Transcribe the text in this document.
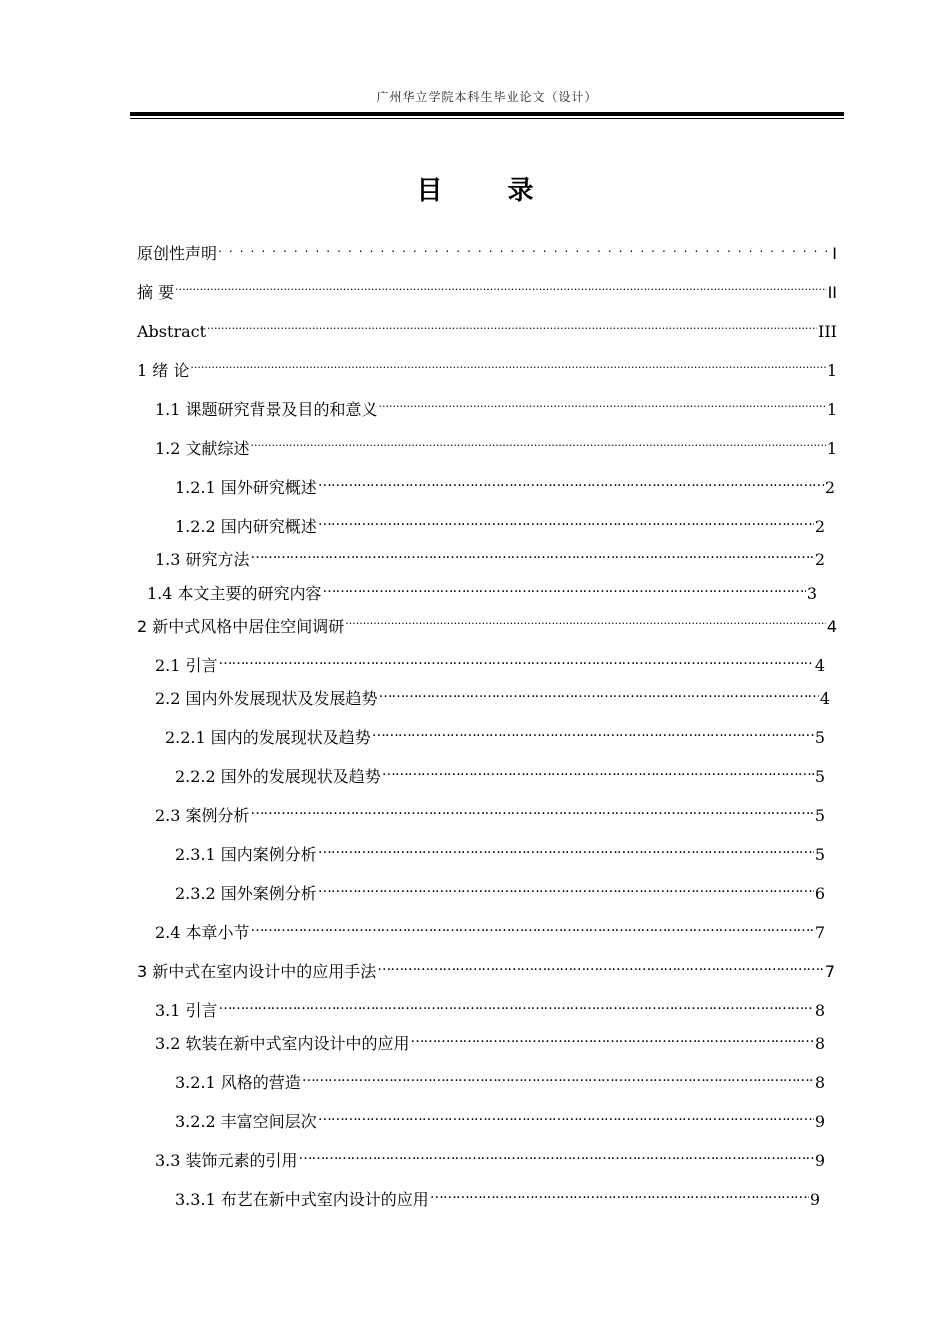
广州华立学院本科生毕业论文（设计）
目 录
原创性声明 . . .	I
摘 要 .....	II
Abstract .....	III
1 绪 论 .....	1
1.1 课题研究背景及目的和意义 .....	1
1.2 文献综述 .....	1
1.2.1 国外研究概述 …………………………………………………………………………………………………………………………………………………………………………………………………………………………	2
1.2.2 国内研究概述 …………………………………………………………………………………………………………………………………………………………………………………………………………………………	2
1.3 研究方法 …………………………………………………………………………………………………………………………………………………………………………………………………………………………	2
1.4 本文主要的研究内容 …………………………………………………………………………………………………………………………………………………………………………………………………………………………	3
2 新中式风格中居住空间调研 .....	4
2.1 引言 …………………………………………………………………………………………………………………………………………………………………………………………………………………………	4
2.2 国内外发展现状及发展趋势 …………………………………………………………………………………………………………………………………………………………………………………………………………………………	4
2.2.1 国内的发展现状及趋势 …………………………………………………………………………………………………………………………………………………………………………………………………………………………	5
2.2.2 国外的发展现状及趋势 …………………………………………………………………………………………………………………………………………………………………………………………………………………………	5
2.3 案例分析 …………………………………………………………………………………………………………………………………………………………………………………………………………………………	5
2.3.1 国内案例分析 …………………………………………………………………………………………………………………………………………………………………………………………………………………………	5
2.3.2 国外案例分析 …………………………………………………………………………………………………………………………………………………………………………………………………………………………	6
2.4 本章小节 …………………………………………………………………………………………………………………………………………………………………………………………………………………………	7
3 新中式在室内设计中的应用手法 …………………………………………………………………………………………………………………………………………………………………………………………………………………………	7
3.1 引言 …………………………………………………………………………………………………………………………………………………………………………………………………………………………	8
3.2 软装在新中式室内设计中的应用 …………………………………………………………………………………………………………………………………………………………………………………………………………………………	8
3.2.1 风格的营造 …………………………………………………………………………………………………………………………………………………………………………………………………………………………	8
3.2.2 丰富空间层次 …………………………………………………………………………………………………………………………………………………………………………………………………………………………	9
3.3 装饰元素的引用 …………………………………………………………………………………………………………………………………………………………………………………………………………………………	9
3.3.1 布艺在新中式室内设计的应用 …………………………………………………………………………………………………………………………………………………………………………………………………………………………	9
